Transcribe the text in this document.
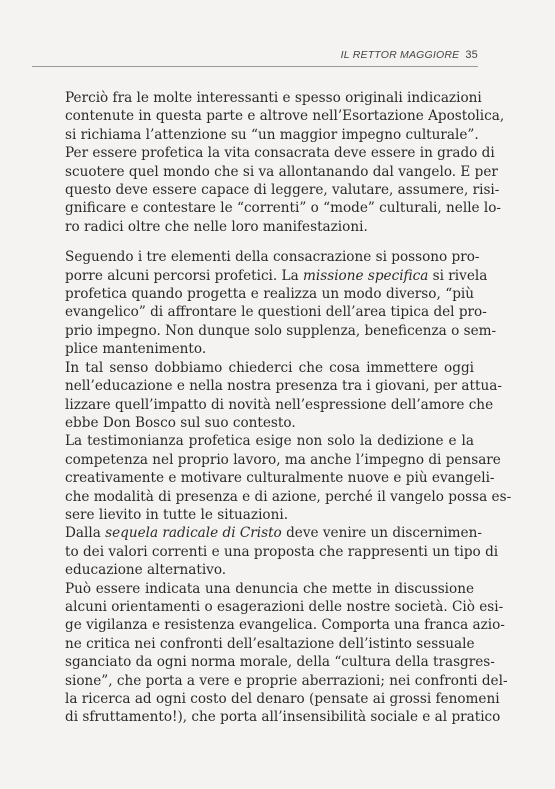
IL RETTOR MAGGIORE 35

Perciò fra le molte interessanti e spesso originali indicazioni
contenute in questa parte e altrove nell’Esortazione Apostolica,
si richiama l’attenzione su “un maggior impegno culturale”.
Per essere profetica la vita consacrata deve essere in grado di
scuotere quel mondo che si va allontanando dal vangelo. E per
questo deve essere capace di leggere, valutare, assumere, risi-
gnificare e contestare le “correnti” o “mode” culturali, nelle lo-
ro radici oltre che nelle loro manifestazioni.

Seguendo i tre elementi della consacrazione si possono pro-
porre alcuni percorsi profetici. La missione specifica si rivela
profetica quando progetta e realizza un modo diverso, “più
evangelico” di affrontare le questioni dell’area tipica del pro-
prio impegno. Non dunque solo supplenza, beneficenza o sem-
plice mantenimento.

In tal senso dobbiamo chiederci che cosa immettere oggi
nell’educazione e nella nostra presenza tra i giovani, per attua-
lizzare quell’impatto di novità nell’espressione dell’amore che
ebbe Don Bosco sul suo contesto.

La testimonianza profetica esige non solo la dedizione e la
competenza nel proprio lavoro, ma anche l’impegno di pensare
creativamente e motivare culturalmente nuove e più evangeli-
che modalità di presenza e di azione, perché il vangelo possa es-
sere lievito in tutte le situazioni.

Dalla sequela radicale di Cristo deve venire un discernimen-
to dei valori correnti e una proposta che rappresenti un tipo di
educazione alternativo.

Può essere indicata una denuncia che mette in discussione
alcuni orientamenti o esagerazioni delle nostre società. Ciò esi-
ge vigilanza e resistenza evangelica. Comporta una franca azio-
ne critica nei confronti dell’esaltazione dell’istinto sessuale
sganciato da ogni norma morale, della “cultura della trasgres-
sione”, che porta a vere e proprie aberrazioni; nei confronti del-
la ricerca ad ogni costo del denaro (pensate ai grossi fenomeni
di sfruttamento!), che porta all’insensibilità sociale e al pratico
